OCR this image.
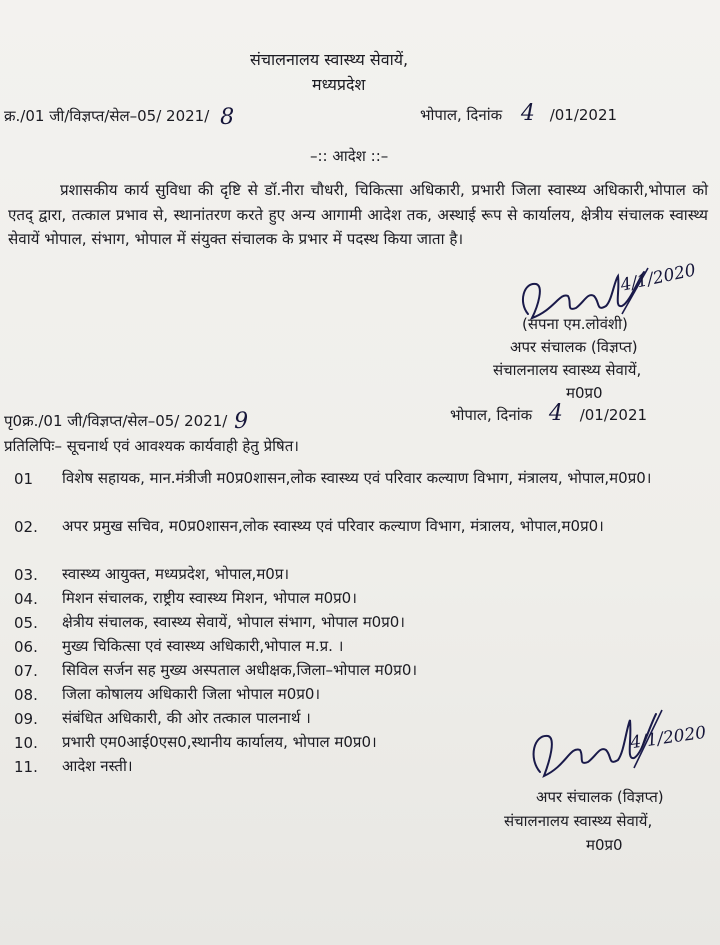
संचालनालय स्वास्थ्य सेवायें,
मध्यप्रदेश
क्र./01 जी/विज्ञप्त/सेल–05/ 2021/ 8	भोपाल, दिनांक 4 /01/2021
–:: आदेश ::–
प्रशासकीय कार्य सुविधा की दृष्टि से डॉ.नीरा चौधरी, चिकित्सा अधिकारी, प्रभारी जिला स्वास्थ्य अधिकारी,भोपाल को एतद् द्वारा, तत्काल प्रभाव से, स्थानांतरण करते हुए अन्य आगामी आदेश तक, अस्थाई रूप से कार्यालय, क्षेत्रीय संचालक स्वास्थ्य सेवायें भोपाल, संभाग, भोपाल में संयुक्त संचालक के प्रभार में पदस्थ किया जाता है।
4/1/2020
(सपना एम.लोवंशी)
अपर संचालक (विज्ञप्त)
संचालनालय स्वास्थ्य सेवायें,
म0प्र0
पृ0क्र./01 जी/विज्ञप्त/सेल–05/ 2021/ 9	भोपाल, दिनांक 4 /01/2021
प्रतिलिपिः– सूचनार्थ एवं आवश्यक कार्यवाही हेतु प्रेषित।
01 विशेष सहायक, मान.मंत्रीजी म0प्र0शासन,लोक स्वास्थ्य एवं परिवार कल्याण विभाग, मंत्रालय, भोपाल,म0प्र0।
02. अपर प्रमुख सचिव, म0प्र0शासन,लोक स्वास्थ्य एवं परिवार कल्याण विभाग, मंत्रालय, भोपाल,म0प्र0।
03. स्वास्थ्य आयुक्त, मध्यप्रदेश, भोपाल,म0प्र।
04. मिशन संचालक, राष्ट्रीय स्वास्थ्य मिशन, भोपाल म0प्र0।
05. क्षेत्रीय संचालक, स्वास्थ्य सेवायें, भोपाल संभाग, भोपाल म0प्र0।
06. मुख्य चिकित्सा एवं स्वास्थ्य अधिकारी,भोपाल म.प्र. ।
07. सिविल सर्जन सह मुख्य अस्पताल अधीक्षक,जिला–भोपाल म0प्र0।
08. जिला कोषालय अधिकारी जिला भोपाल म0प्र0।
09. संबंधित अधिकारी, की ओर तत्काल पालनार्थ ।
10. प्रभारी एम0आई0एस0,स्थानीय कार्यालय, भोपाल म0प्र0।
11. आदेश नस्ती।
4/1/2020
अपर संचालक (विज्ञप्त)
संचालनालय स्वास्थ्य सेवायें,
म0प्र0
